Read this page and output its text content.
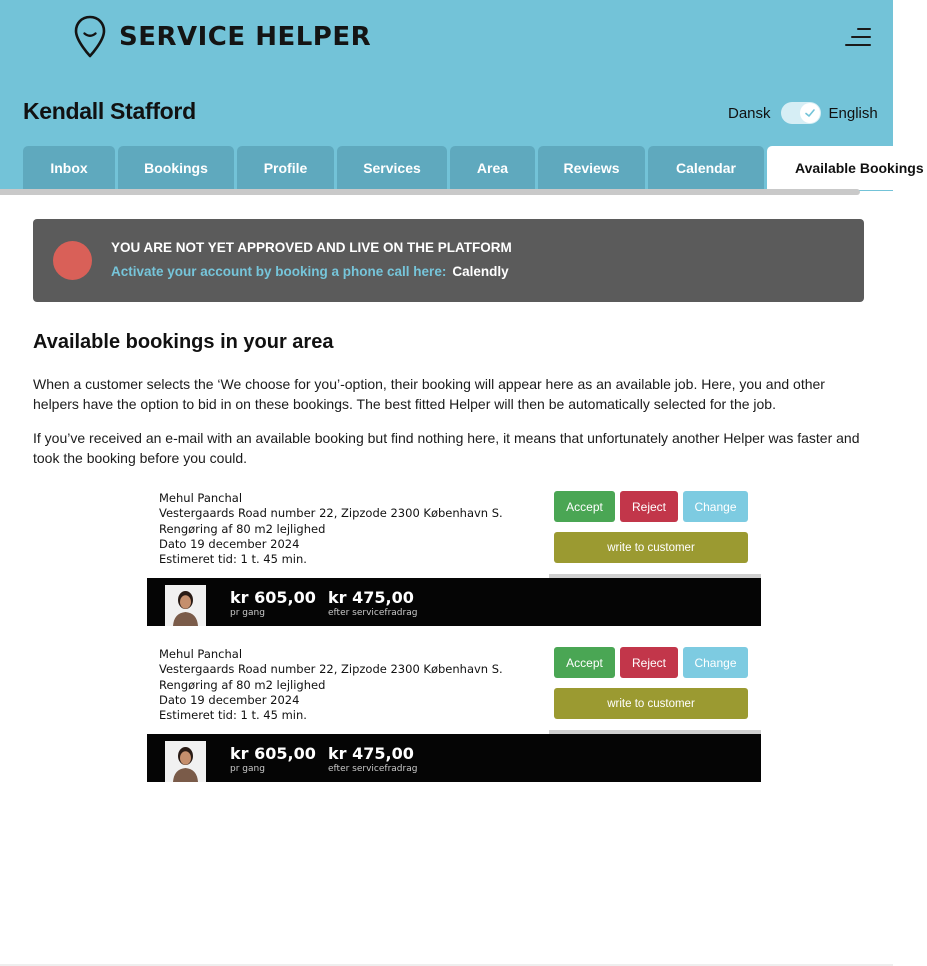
SERVICE HELPER
Kendall Stafford	Dansk	English
Inbox	Bookings	Profile	Services	Area	Reviews	Calendar	Available Bookings
YOU ARE NOT YET APPROVED AND LIVE ON THE PLATFORM
Activate your account by booking a phone call here: Calendly
Available bookings in your area
When a customer selects the ‘We choose for you’-option, their booking will appear here as an available job. Here, you and other helpers have the option to bid in on these bookings. The best fitted Helper will then be automatically selected for the job.
If you’ve received an e-mail with an available booking but find nothing here, it means that unfortunately another Helper was faster and took the booking before you could.
Mehul Panchal
Vestergaards Road number 22, Zipzode 2300 København S.
Rengøring af 80 m2 lejlighed
Dato 19 december 2024
Estimeret tid: 1 t. 45 min.
Accept	Reject	Change
write to customer
kr 605,00
pr gang
kr 475,00
efter servicefradrag
Mehul Panchal
Vestergaards Road number 22, Zipzode 2300 København S.
Rengøring af 80 m2 lejlighed
Dato 19 december 2024
Estimeret tid: 1 t. 45 min.
Accept	Reject	Change
write to customer
kr 605,00
pr gang
kr 475,00
efter servicefradrag
